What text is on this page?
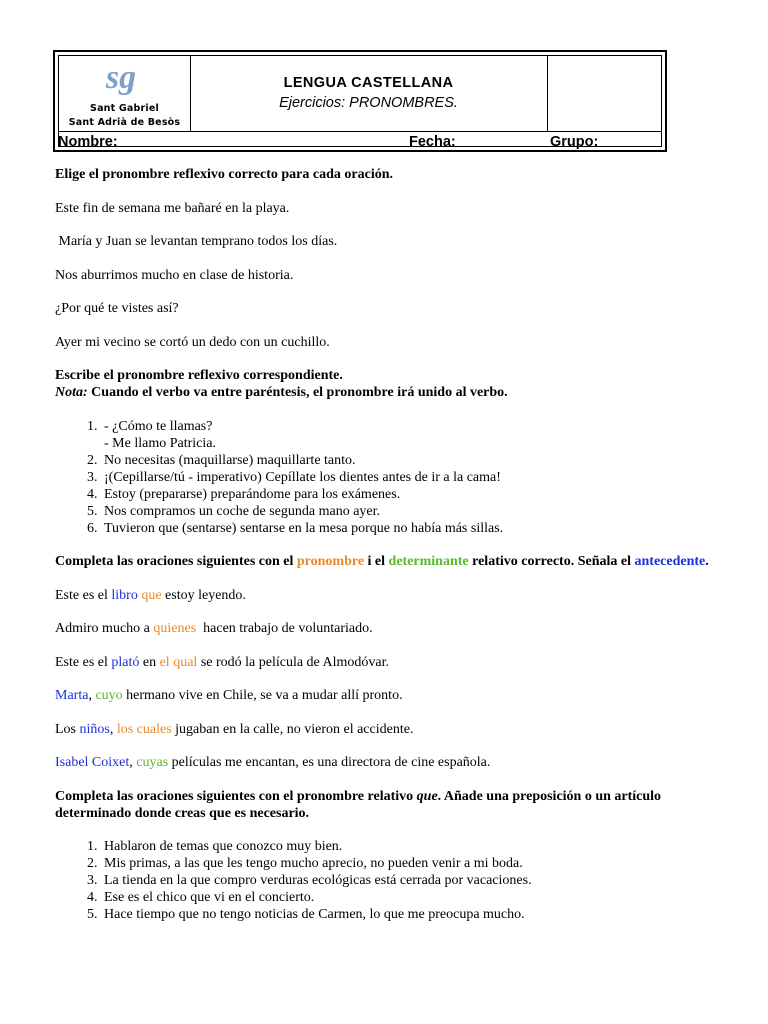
sg
Sant Gabriel
Sant Adrià de Besòs
LENGUA CASTELLANA
Ejercicios: PRONOMBRES.
Nombre:	Fecha:	Grupo:

Elige el pronombre reflexivo correcto para cada oración.

Este fin de semana me bañaré en la playa.

María y Juan se levantan temprano todos los días.

Nos aburrimos mucho en clase de historia.

¿Por qué te vistes así?

Ayer mi vecino se cortó un dedo con un cuchillo.

Escribe el pronombre reflexivo correspondiente.

Nota: Cuando el verbo va entre paréntesis, el pronombre irá unido al verbo.

1. - ¿Cómo te llamas?
- Me llamo Patricia.
2. No necesitas (maquillarse) maquillarte tanto.
3. ¡(Cepillarse/tú - imperativo) Cepíllate los dientes antes de ir a la cama!
4. Estoy (prepararse) preparándome para los exámenes.
5. Nos compramos un coche de segunda mano ayer.
6. Tuvieron que (sentarse) sentarse en la mesa porque no había más sillas.

Completa las oraciones siguientes con el pronombre i el determinante relativo correcto. Señala el antecedente.

Este es el libro que estoy leyendo.

Admiro mucho a quienes  hacen trabajo de voluntariado.

Este es el plató en el qual se rodó la película de Almodóvar.

Marta, cuyo hermano vive en Chile, se va a mudar allí pronto.

Los niños, los cuales jugaban en la calle, no vieron el accidente.

Isabel Coixet, cuyas películas me encantan, es una directora de cine española.

Completa las oraciones siguientes con el pronombre relativo que. Añade una preposición o un artículo determinado donde creas que es necesario.

1. Hablaron de temas que conozco muy bien.
2. Mis primas, a las que les tengo mucho aprecio, no pueden venir a mi boda.
3. La tienda en la que compro verduras ecológicas está cerrada por vacaciones.
4. Ese es el chico que vi en el concierto.
5. Hace tiempo que no tengo noticias de Carmen, lo que me preocupa mucho.
